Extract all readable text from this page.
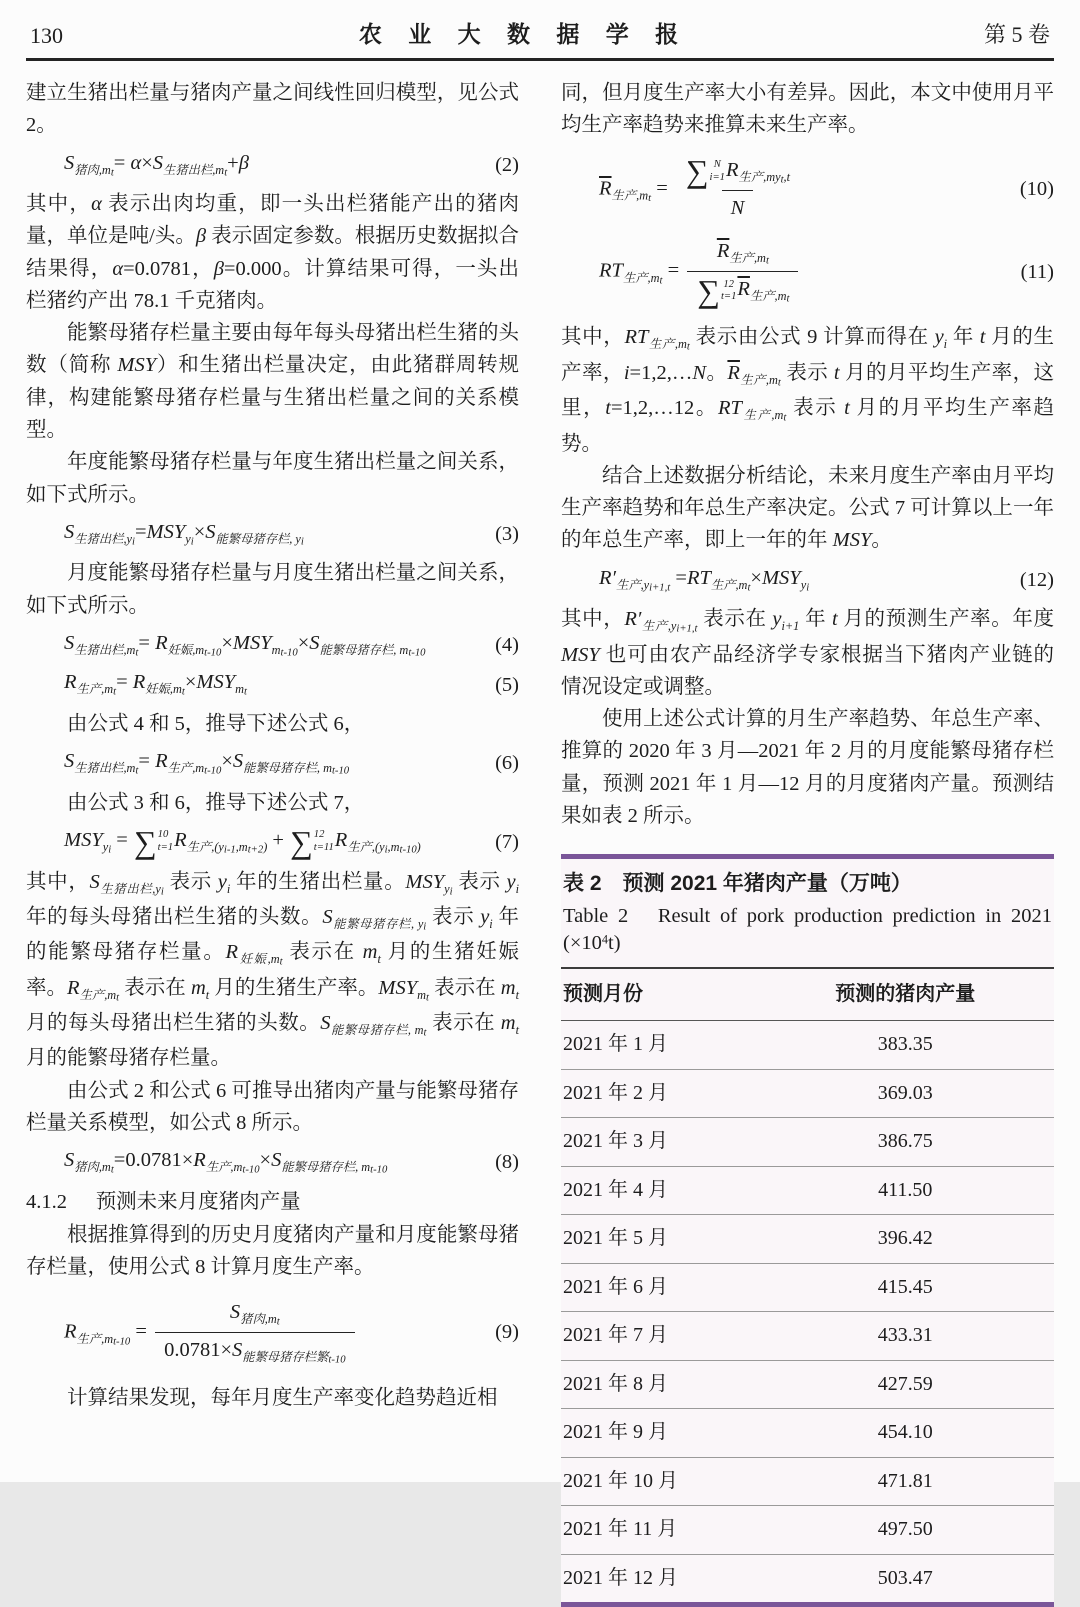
130	农 业 大 数 据 学 报	第 5 卷

建立生猪出栏量与猪肉产量之间线性回归模型，见公式 2。

$S_{猪肉,mt}= \alpha\times S_{生猪出栏,mt}+\beta$	(2)

其中，α 表示出肉均重，即一头出栏猪能产出的猪肉量，单位是吨/头。β 表示固定参数。根据历史数据拟合结果得，α=0.0781，β=0.000。计算结果可得，一头出栏猪约产出 78.1 千克猪肉。

能繁母猪存栏量主要由每年每头母猪出栏生猪的头数（简称 MSY）和生猪出栏量决定，由此猪群周转规律，构建能繁母猪存栏量与生猪出栏量之间的关系模型。

年度能繁母猪存栏量与年度生猪出栏量之间关系，如下式所示。

$S_{生猪出栏,yi}=MSY_{yi}\times S_{能繁母猪存栏, yi}$	(3)

月度能繁母猪存栏量与月度生猪出栏量之间关系，如下式所示。

$S_{生猪出栏,mt}= R_{妊娠,mt-10}\times MSY_{mt-10}\times S_{能繁母猪存栏, mt-10}$	(4)
$R_{生产,mt}= R_{妊娠,mt}\times MSY_{mt}$	(5)

由公式 4 和 5，推导下述公式 6，

$S_{生猪出栏,mt}= R_{生产,mt-10}\times S_{能繁母猪存栏, mt-10}$	(6)

由公式 3 和 6，推导下述公式 7，

$MSY_{yi}$ = ∑ 10
t=1 $R_{生产,(yi-1,mt+2)}$ + ∑ 12
t=11 $R_{生产,(yi,mt-10)}$	(7)

其中，$S_{生猪出栏,yi}$ 表示 $y_i$ 年的生猪出栏量。$MSY_{yi}$ 表示 $y_i$ 年的每头母猪出栏生猪的头数。$S_{能繁母猪存栏, yi}$ 表示 $y_i$ 年的能繁母猪存栏量。$R_{妊娠,mt}$ 表示在 $m_t$ 月的生猪妊娠率。$R_{生产,mt}$ 表示在 $m_t$ 月的生猪生产率。$MSY_{mt}$ 表示在 $m_t$ 月的每头母猪出栏生猪的头数。$S_{能繁母猪存栏, mt}$ 表示在 $m_t$ 月的能繁母猪存栏量。

由公式 2 和公式 6 可推导出猪肉产量与能繁母猪存栏量关系模型，如公式 8 所示。

$S_{猪肉,mt}=0.0781\times R_{生产,mt-10}\times S_{能繁母猪存栏, mt-10}$	(8)

4.1.2 预测未来月度猪肉产量

根据推算得到的历史月度猪肉产量和月度能繁母猪存栏量，使用公式 8 计算月度生产率。

$R_{生产,mt-10} = \frac{S_{猪肉,mt}}{0.0781\times S_{能繁母猪存栏繁t-10}}$	(9)

计算结果发现，每年月度生产率变化趋势趋近相

同，但月度生产率大小有差异。因此，本文中使用月平均生产率趋势来推算未来生产率。

$\overline{R}_{生产,mt}$ = ∑ N
i=1 $R_{生产,myt,t}$
N	(10)
$RT_{生产,mt} = \overline{R}_{生产,mt}$
∑ 12
t=1 $\overline{R}_{生产,mt}$	(11)

其中，$RT_{生产,mt}$ 表示由公式 9 计算而得在 $y_i$ 年 t 月的生产率，i=1,2,…N。$\overline{R}_{生产,mt}$ 表示 t 月的月平均生产率，这里，t=1,2,…12。$RT_{生产,mt}$ 表示 t 月的月平均生产率趋势。

结合上述数据分析结论，未来月度生产率由月平均生产率趋势和年总生产率决定。公式 7 可计算以上一年的年总生产率，即上一年的年 MSY。

$R'_{生产,yi+1,t} =RT_{生产,mt}\times MSY_{yi}$	(12)

其中，$R'_{生产,yi+1,t}$ 表示在 $y_{i+1}$ 年 t 月的预测生产率。年度 MSY 也可由农产品经济学专家根据当下猪肉产业链的情况设定或调整。

使用上述公式计算的月生产率趋势、年总生产率、推算的 2020 年 3 月—2021 年 2 月的月度能繁母猪存栏量，预测 2021 年 1 月—12 月的月度猪肉产量。预测结果如表 2 所示。

表 2　预测 2021 年猪肉产量（万吨）
Table 2　Result of pork production prediction in 2021 $(\times 10^4t)$
预测月份	预测的猪肉产量
2021 年 1 月	383.35
2021 年 2 月	369.03
2021 年 3 月	386.75
2021 年 4 月	411.50
2021 年 5 月	396.42
2021 年 6 月	415.45
2021 年 7 月	433.31
2021 年 8 月	427.59
2021 年 9 月	454.10
2021 年 10 月	471.81
2021 年 11 月	497.50
2021 年 12 月	503.47
